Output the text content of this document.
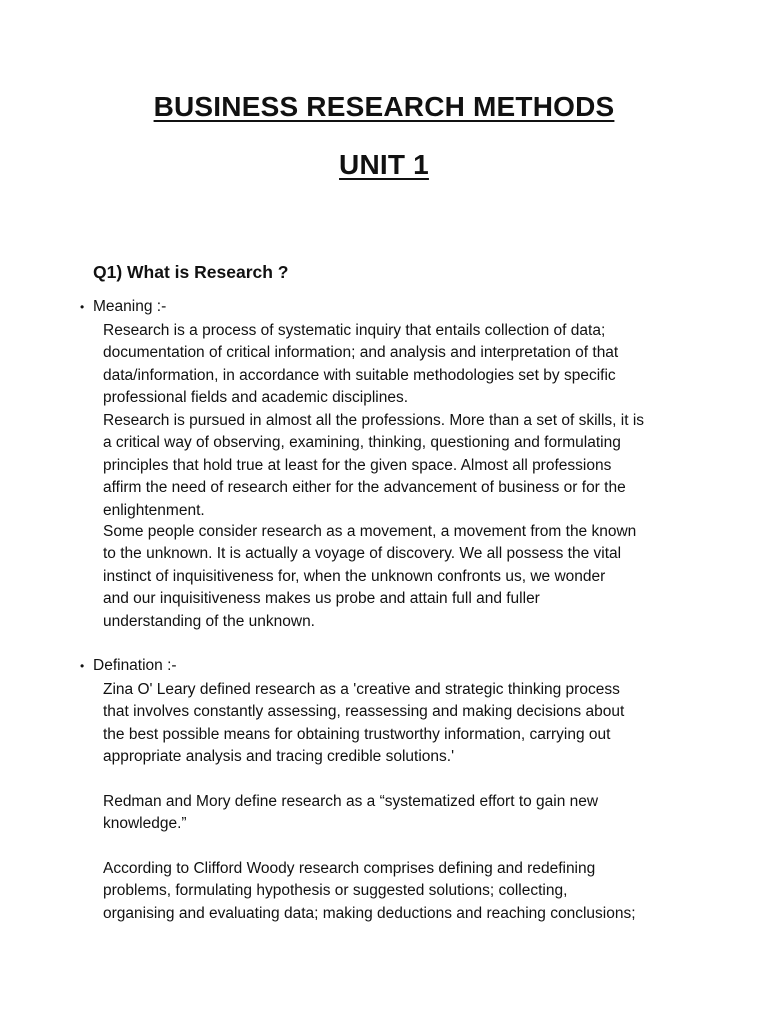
BUSINESS RESEARCH METHODS
UNIT 1
Q1) What is Research ?
• Meaning :-
Research is a process of systematic inquiry that entails collection of data;
documentation of critical information; and analysis and interpretation of that
data/information, in accordance with suitable methodologies set by specific
professional fields and academic disciplines.
Research is pursued in almost all the professions. More than a set of skills, it is
a critical way of observing, examining, thinking, questioning and formulating
principles that hold true at least for the given space. Almost all professions
affirm the need of research either for the advancement of business or for the
enlightenment.
Some people consider research as a movement, a movement from the known
to the unknown. It is actually a voyage of discovery. We all possess the vital
instinct of inquisitiveness for, when the unknown confronts us, we wonder
and our inquisitiveness makes us probe and attain full and fuller
understanding of the unknown.
• Defination :-
Zina O' Leary defined research as a 'creative and strategic thinking process
that involves constantly assessing, reassessing and making decisions about
the best possible means for obtaining trustworthy information, carrying out
appropriate analysis and tracing credible solutions.'
Redman and Mory define research as a “systematized effort to gain new
knowledge.”
According to Clifford Woody research comprises defining and redefining
problems, formulating hypothesis or suggested solutions; collecting,
organising and evaluating data; making deductions and reaching conclusions;
